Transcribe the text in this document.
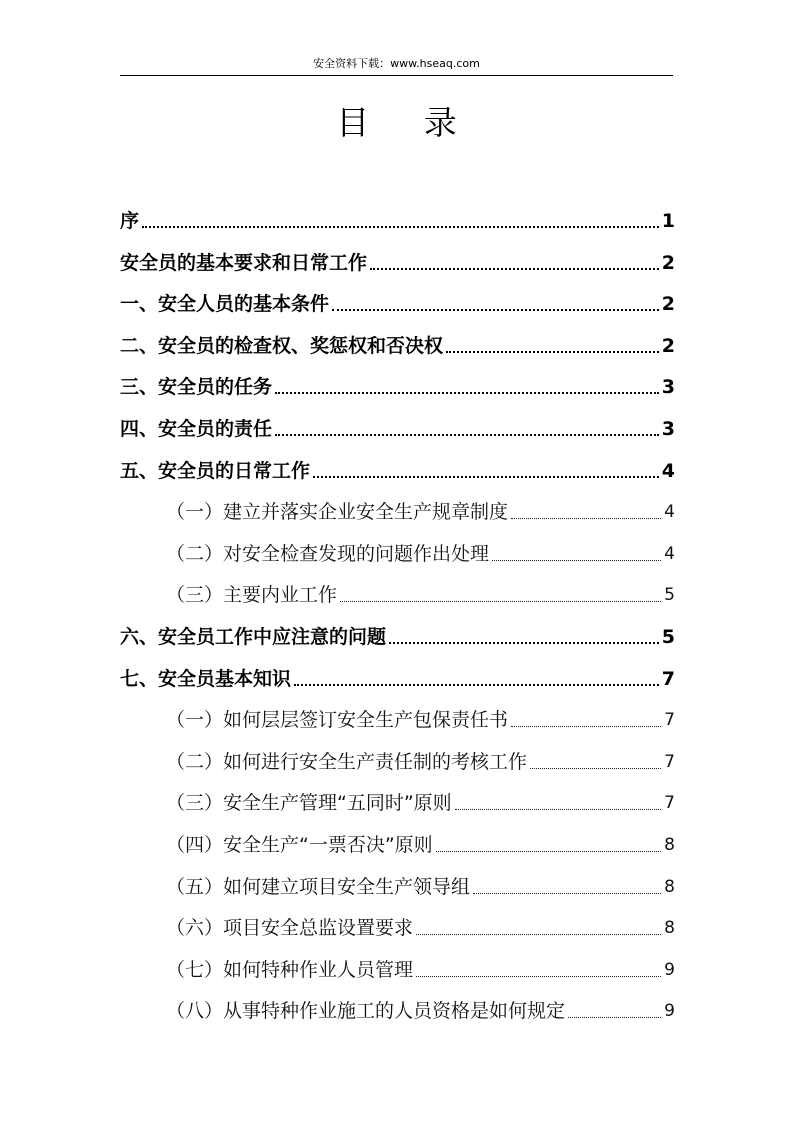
安全资料下载：www.hseaq.com
目 录
序	1
安全员的基本要求和日常工作	2
一、安全人员的基本条件	2
二、安全员的检查权、奖惩权和否决权	2
三、安全员的任务	3
四、安全员的责任	3
五、安全员的日常工作	4
（一）建立并落实企业安全生产规章制度	4
（二）对安全检查发现的问题作出处理	4
（三）主要内业工作	5
六、安全员工作中应注意的问题	5
七、安全员基本知识	7
（一）如何层层签订安全生产包保责任书	7
（二）如何进行安全生产责任制的考核工作	7
（三）安全生产管理“五同时”原则	7
（四）安全生产“一票否决”原则	8
（五）如何建立项目安全生产领导组	8
（六）项目安全总监设置要求	8
（七）如何特种作业人员管理	9
（八）从事特种作业施工的人员资格是如何规定	9
